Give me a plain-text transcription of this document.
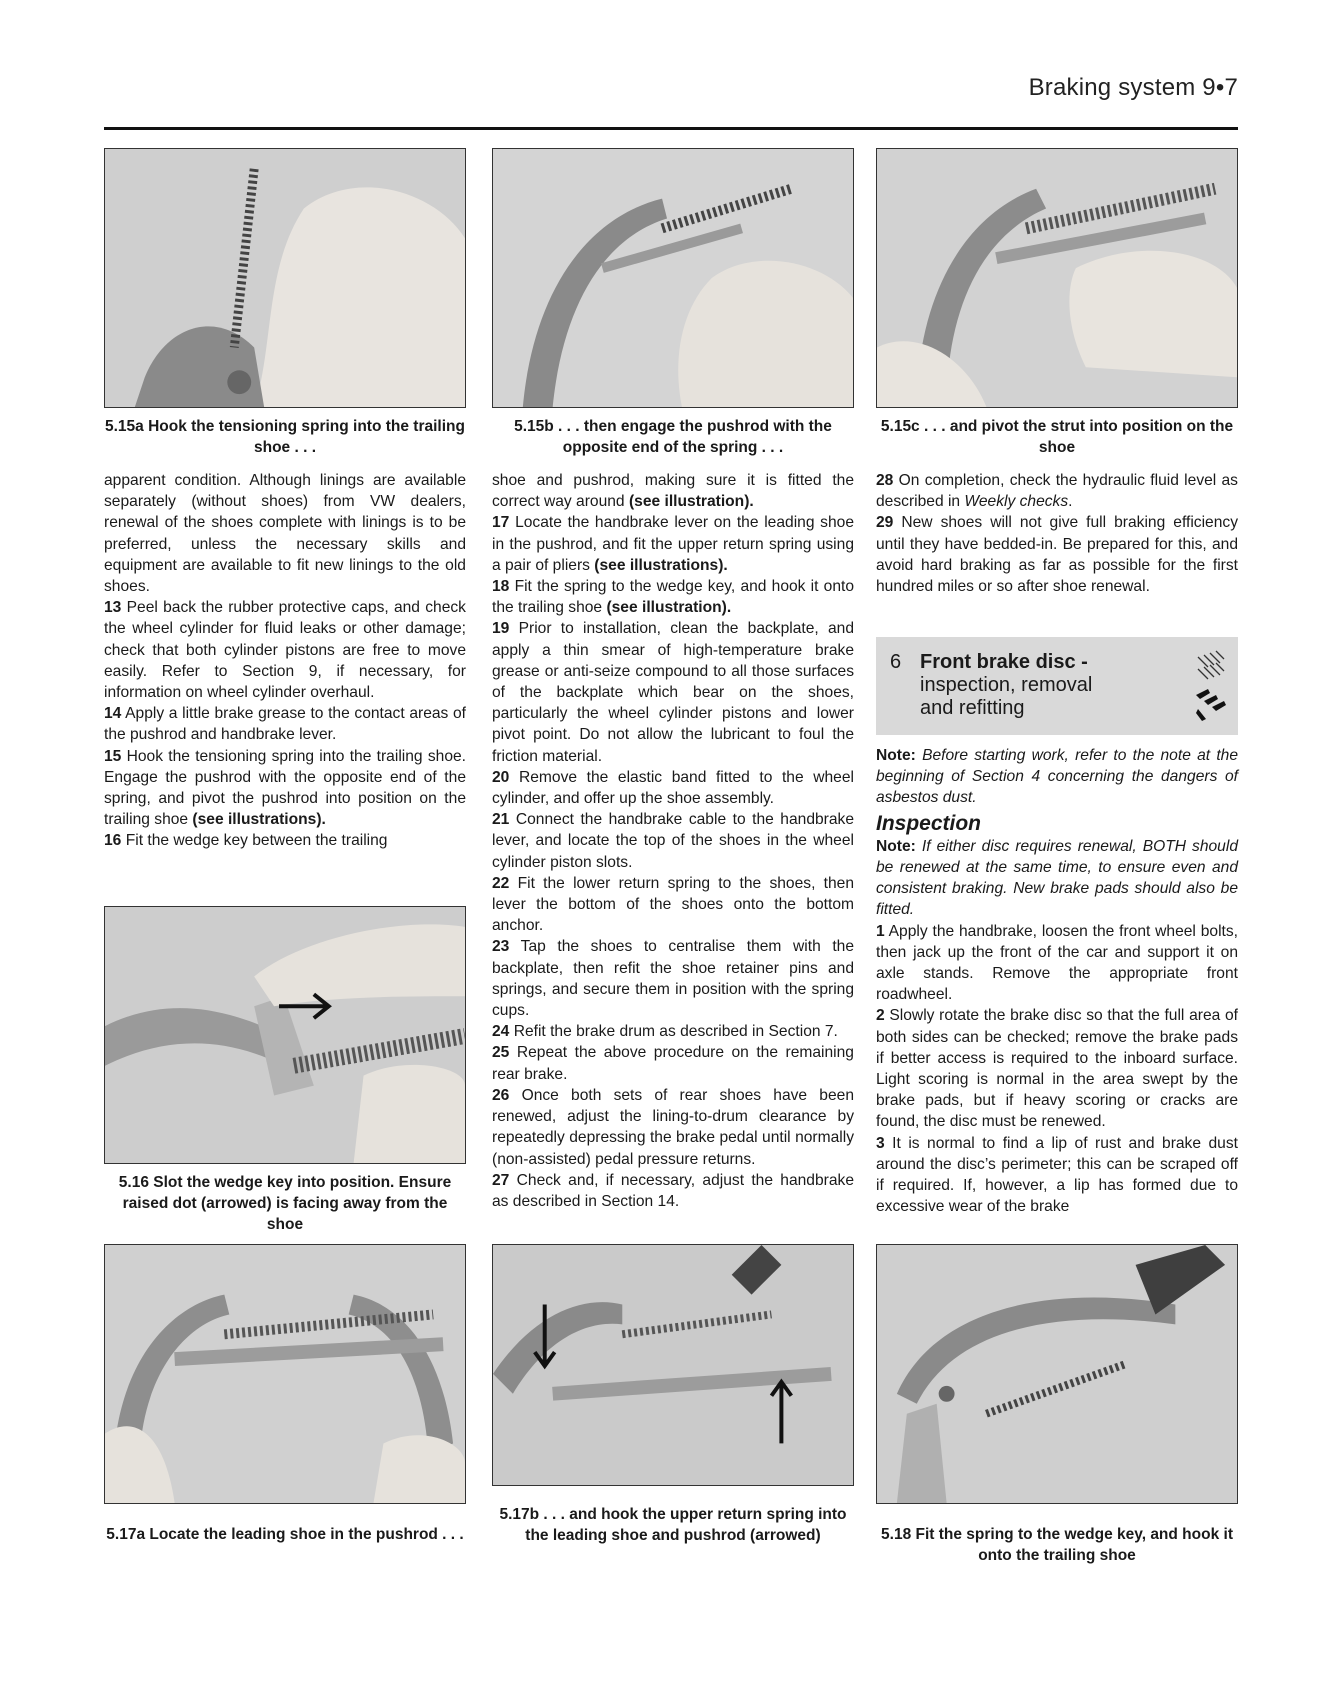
Braking system 9•7
5.15a Hook the tensioning spring into the trailing shoe . . .
5.15b . . . then engage the pushrod with the opposite end of the spring . . .
5.15c . . . and pivot the strut into position on the shoe

apparent condition. Although linings are available separately (without shoes) from VW dealers, renewal of the shoes complete with linings is to be preferred, unless the necessary skills and equipment are available to fit new linings to the old shoes.

13 Peel back the rubber protective caps, and check the wheel cylinder for fluid leaks or other damage; check that both cylinder pistons are free to move easily. Refer to Section 9, if necessary, for information on wheel cylinder overhaul.

14 Apply a little brake grease to the contact areas of the pushrod and handbrake lever.

15 Hook the tensioning spring into the trailing shoe. Engage the pushrod with the opposite end of the spring, and pivot the pushrod into position on the trailing shoe (see illustrations).

16 Fit the wedge key between the trailing

5.16 Slot the wedge key into position. Ensure raised dot (arrowed) is facing away from the shoe

shoe and pushrod, making sure it is fitted the correct way around (see illustration).

17 Locate the handbrake lever on the leading shoe in the pushrod, and fit the upper return spring using a pair of pliers (see illustrations).

18 Fit the spring to the wedge key, and hook it onto the trailing shoe (see illustration).

19 Prior to installation, clean the backplate, and apply a thin smear of high-temperature brake grease or anti-seize compound to all those surfaces of the backplate which bear on the shoes, particularly the wheel cylinder pistons and lower pivot point. Do not allow the lubricant to foul the friction material.

20 Remove the elastic band fitted to the wheel cylinder, and offer up the shoe assembly.

21 Connect the handbrake cable to the handbrake lever, and locate the top of the shoes in the wheel cylinder piston slots.

22 Fit the lower return spring to the shoes, then lever the bottom of the shoes onto the bottom anchor.

23 Tap the shoes to centralise them with the backplate, then refit the shoe retainer pins and springs, and secure them in position with the spring cups.

24 Refit the brake drum as described in Section 7.

25 Repeat the above procedure on the remaining rear brake.

26 Once both sets of rear shoes have been renewed, adjust the lining-to-drum clearance by repeatedly depressing the brake pedal until normally (non-assisted) pedal pressure returns.

27 Check and, if necessary, adjust the handbrake as described in Section 14.

28 On completion, check the hydraulic fluid level as described in Weekly checks.

29 New shoes will not give full braking efficiency until they have bedded-in. Be prepared for this, and avoid hard braking as far as possible for the first hundred miles or so after shoe renewal.

6 Front brake disc -
inspection, removal
and refitting

Note: Before starting work, refer to the note at the beginning of Section 4 concerning the dangers of asbestos dust.

Inspection

Note: If either disc requires renewal, BOTH should be renewed at the same time, to ensure even and consistent braking. New brake pads should also be fitted.

1 Apply the handbrake, loosen the front wheel bolts, then jack up the front of the car and support it on axle stands. Remove the appropriate front roadwheel.

2 Slowly rotate the brake disc so that the full area of both sides can be checked; remove the brake pads if better access is required to the inboard surface. Light scoring is normal in the area swept by the brake pads, but if heavy scoring or cracks are found, the disc must be renewed.

3 It is normal to find a lip of rust and brake dust around the disc’s perimeter; this can be scraped off if required. If, however, a lip has formed due to excessive wear of the brake

5.17a Locate the leading shoe in the pushrod . . .
5.17b . . . and hook the upper return spring into the leading shoe and pushrod (arrowed)	5.18 Fit the spring to the wedge key, and hook it onto the trailing shoe
